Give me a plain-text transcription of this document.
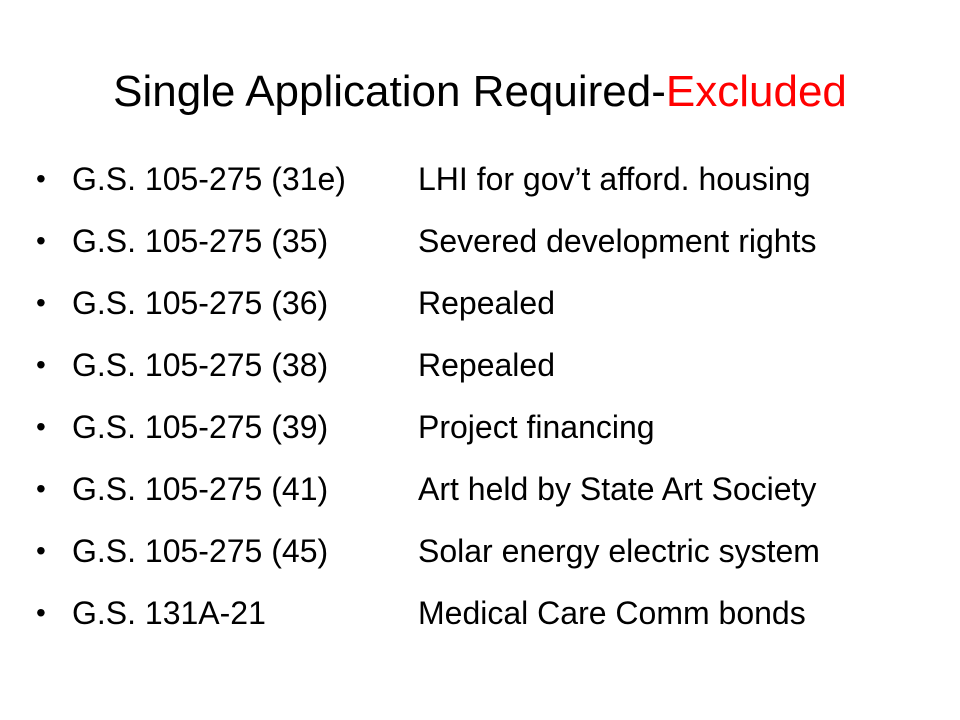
Single Application Required-Excluded
• G.S. 105-275 (31e) LHI for gov’t afford. housing
• G.S. 105-275 (35)	Severed development rights
• G.S. 105-275 (36)	Repealed
• G.S. 105-275 (38)	Repealed
• G.S. 105-275 (39)	Project financing
• G.S. 105-275 (41)	Art held by State Art Society
• G.S. 105-275 (45)	Solar energy electric system
• G.S. 131A-21	Medical Care Comm bonds
